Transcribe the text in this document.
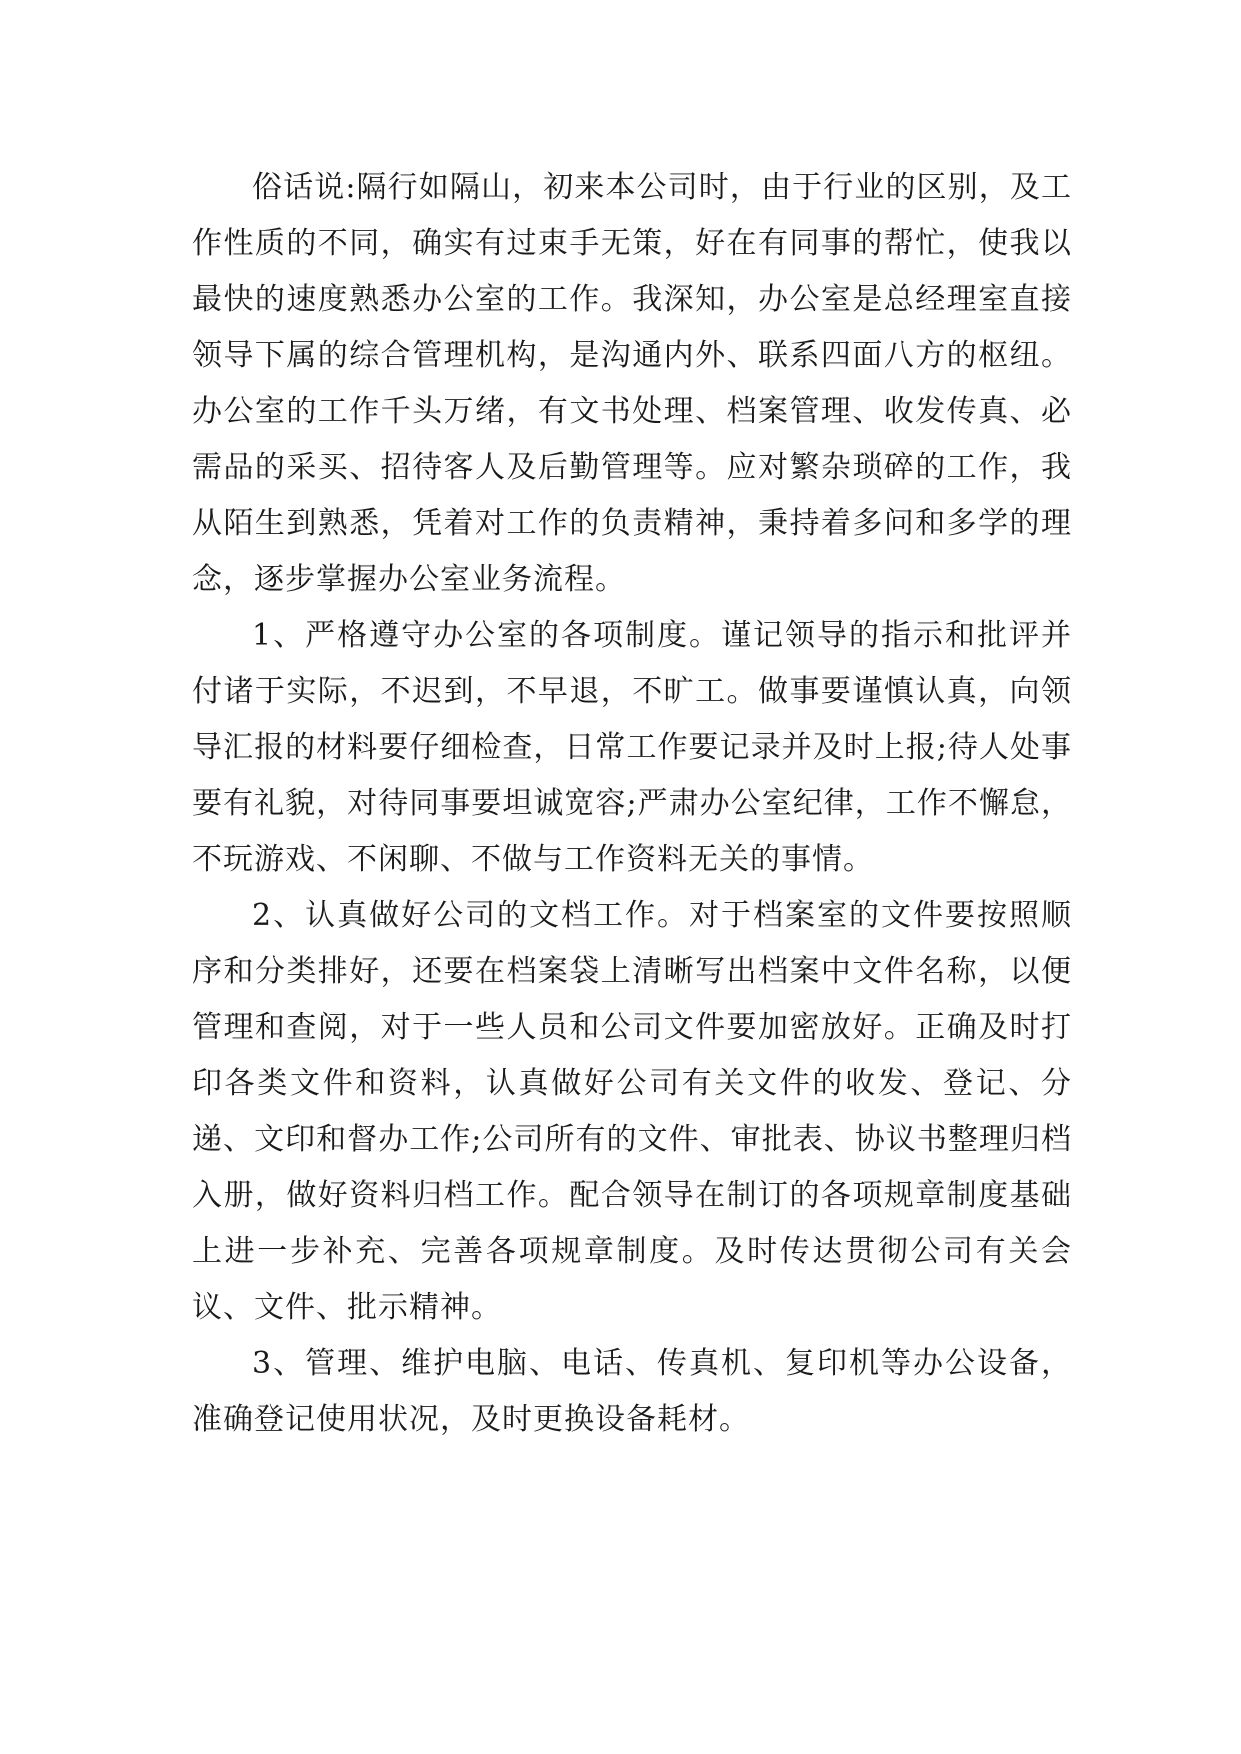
俗话说:隔行如隔山，初来本公司时，由于行业的区别，及工作性质的不同，确实有过束手无策，好在有同事的帮忙，使我以最快的速度熟悉办公室的工作。我深知，办公室是总经理室直接领导下属的综合管理机构，是沟通内外、联系四面八方的枢纽。办公室的工作千头万绪，有文书处理、档案管理、收发传真、必需品的采买、招待客人及后勤管理等。应对繁杂琐碎的工作，我从陌生到熟悉，凭着对工作的负责精神，秉持着多问和多学的理念，逐步掌握办公室业务流程。

1、严格遵守办公室的各项制度。谨记领导的指示和批评并付诸于实际，不迟到，不早退，不旷工。做事要谨慎认真，向领导汇报的材料要仔细检查，日常工作要记录并及时上报;待人处事要有礼貌，对待同事要坦诚宽容;严肃办公室纪律，工作不懈怠，不玩游戏、不闲聊、不做与工作资料无关的事情。

2、认真做好公司的文档工作。对于档案室的文件要按照顺序和分类排好，还要在档案袋上清晰写出档案中文件名称，以便管理和查阅，对于一些人员和公司文件要加密放好。正确及时打印各类文件和资料，认真做好公司有关文件的收发、登记、分递、文印和督办工作;公司所有的文件、审批表、协议书整理归档入册，做好资料归档工作。配合领导在制订的各项规章制度基础上进一步补充、完善各项规章制度。及时传达贯彻公司有关会议、文件、批示精神。

3、管理、维护电脑、电话、传真机、复印机等办公设备，准确登记使用状况，及时更换设备耗材。
